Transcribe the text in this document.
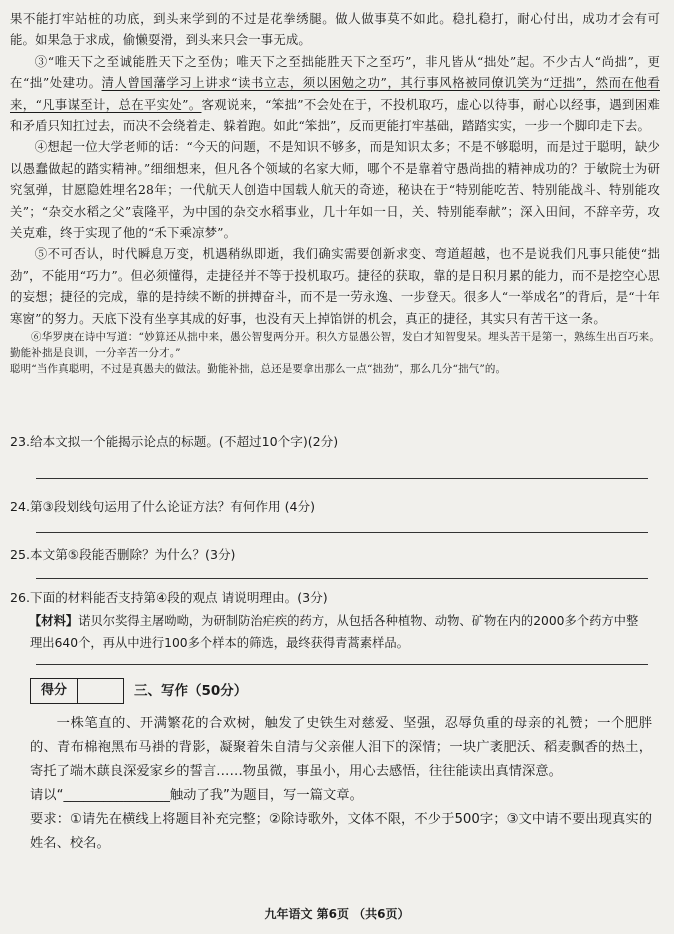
果不能打牢站桩的功底，到头来学到的不过是花拳绣腿。做人做事莫不如此。稳扎稳打，耐心付出，成功才会有可能。如果急于求成，偷懒耍滑，到头来只会一事无成。

③“唯天下之至诚能胜天下之至伪；唯天下之至拙能胜天下之至巧”，非凡皆从“拙处”起。不少古人“尚拙”，更在“拙”处建功。清人曾国藩学习上讲求“读书立志，须以困勉之功”，其行事风格被同僚讥笑为“迂拙”，然而在他看来，“凡事谋至计，总在平实处”。客观说来，“笨拙”不会处在于，不投机取巧，虚心以待事，耐心以经事，遇到困难和矛盾只知扛过去，而决不会绕着走、躲着跑。如此“笨拙”，反而更能打牢基础，踏踏实实，一步一个脚印走下去。

④想起一位大学老师的话：“今天的问题，不是知识不够多，而是知识太多；不是不够聪明，而是过于聪明，缺少以愚蠢做起的踏实精神。”细细想来，但凡各个领域的名家大师，哪个不是靠着守愚尚拙的精神成功的？于敏院士为研究氢弹，甘愿隐姓埋名28年；一代航天人创造中国载人航天的奇迹，秘诀在于“特别能吃苦、特别能战斗、特别能攻关”；“杂交水稻之父”袁隆平，为中国的杂交水稻事业，几十年如一日，关、特别能奉献”；深入田间，不辞辛劳，攻关克难，终于实现了他的“禾下乘凉梦”。

⑤不可否认，时代瞬息万变，机遇稍纵即逝，我们确实需要创新求变、弯道超越，也不是说我们凡事只能使“拙劲”，不能用“巧力”。但必须懂得，走捷径并不等于投机取巧。捷径的获取，靠的是日积月累的能力，而不是挖空心思的妄想；捷径的完成，靠的是持续不断的拼搏奋斗，而不是一劳永逸、一步登天。很多人“一举成名”的背后，是“十年寒窗”的努力。天底下没有坐享其成的好事，也没有天上掉馅饼的机会，真正的捷径，其实只有苦干这一条。

⑥华罗庚在诗中写道：“妙算还从拙中来，愚公智叟两分开。积久方显愚公智，发白才知智叟呆。埋头苦干是第一，熟练生出百巧来。勤能补拙是良训，一分辛苦一分才。”

聪明“当作真聪明，不过是真愚夫的做法。勤能补拙，总还是要拿出那么一点“拙劲”，那么几分“拙气”的。

23.给本文拟一个能揭示论点的标题。(不超过10个字)(2分)
24.第③段划线句运用了什么论证方法？有何作用 (4分)
25.本文第⑤段能否删除？为什么？(3分)
26.下面的材料能否支持第④段的观点 请说明理由。(3分)

【材料】诺贝尔奖得主屠呦呦，为研制防治疟疾的药方，从包括各种植物、动物、矿物在内的2000多个药方中整理出640个，再从中进行100多个样本的筛选，最终获得青蒿素样品。

得分	三、写作（50分）

一株笔直的、开满繁花的合欢树，触发了史铁生对慈爱、坚强，忍辱负重的母亲的礼赞；一个肥胖的、青布棉袍黑布马褂的背影，凝聚着朱自清与父亲催人泪下的深情；一块广袤肥沃、稻麦飘香的热土，寄托了端木蕻良深爱家乡的誓言……物虽微，事虽小，用心去感悟，往往能读出真情深意。

请以“________________触动了我”为题目，写一篇文章。

要求：①请先在横线上将题目补充完整；②除诗歌外，文体不限，不少于500字；③文中请不要出现真实的姓名、校名。

九年语文 第6页 （共6页）
